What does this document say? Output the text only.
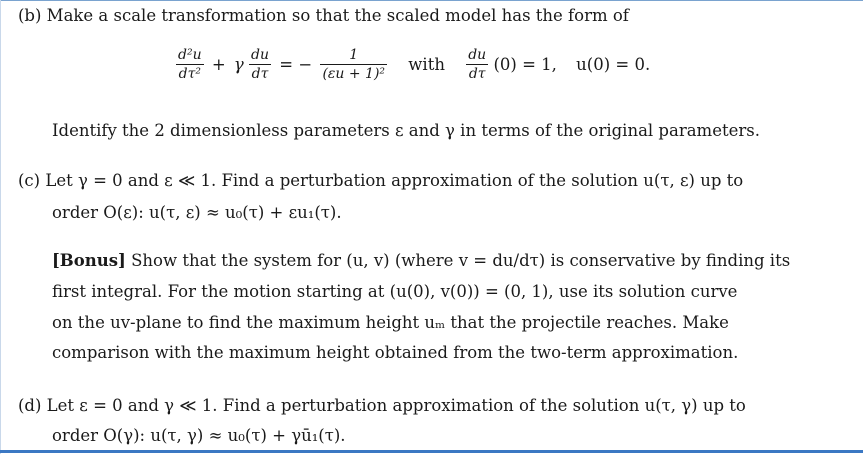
(b) Make a scale transformation so that the scaled model has the form of
$\frac{\text{d²u}}{\text{dτ²}} + \gamma \frac{du}{d\tau}$ = − $\frac{1}{\text{(εu + 1)²}}$ with $\frac{du}{d\tau} (0) = 1$, u(0) = 0.
Identify the 2 dimensionless parameters ε and γ in terms of the original parameters.
(c) Let γ = 0 and ε ≪ 1. Find a perturbation approximation of the solution u(τ, ε) up to
order O(ε): u(τ, ε) ≈ u₀(τ) + εu₁(τ).
[Bonus] Show that the system for (u, v) (where v = du/dτ) is conservative by finding its
first integral. For the motion starting at (u(0), v(0)) = (0, 1), use its solution curve
on the uv-plane to find the maximum height uₘ that the projectile reaches. Make
comparison with the maximum height obtained from the two-term approximation.
(d) Let ε = 0 and γ ≪ 1. Find a perturbation approximation of the solution u(τ, γ) up to
order O(γ): u(τ, γ) ≈ u₀(τ) + γū₁(τ).
